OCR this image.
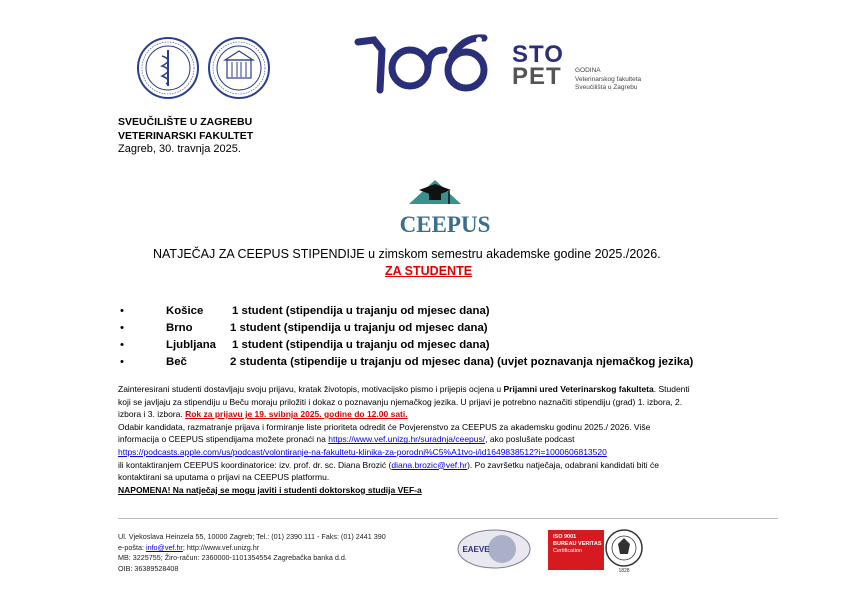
STO
PET	GODINA
Veterinarskog fakulteta
Sveučilišta u Zagrebu
SVEUČILIŠTE U ZAGREBU
VETERINARSKI FAKULTET
Zagreb, 30. travnja 2025.
CEEPUS
NATJEČAJ ZA CEEPUS STIPENDIJE u zimskom semestru akademske godine 2025./2026.
ZA STUDENTE
•	Košice	1 student (stipendija u trajanju od mjesec dana)
•	Brno	1 student (stipendija u trajanju od mjesec dana)
•	Ljubljana 1 student (stipendija u trajanju od mjesec dana)
•	Beč	2 studenta (stipendije u trajanju od mjesec dana) (uvjet poznavanja njemačkog jezika)
Zainteresirani studenti dostavljaju svoju prijavu, kratak životopis, motivacijsko pismo i prijepis ocjena u Prijamni ured Veterinarskog fakulteta. Studenti
koji se javljaju za stipendiju u Beču moraju priložiti i dokaz o poznavanju njemačkog jezika. U prijavi je potrebno naznačiti stipendiju (grad) 1. izbora, 2.
izbora i 3. izbora. Rok za prijavu je 19. svibnja 2025. godine do 12.00 sati.
Odabir kandidata, razmatranje prijava i formiranje liste prioriteta odredit će Povjerenstvo za CEEPUS za akademsku godinu 2025./ 2026. Više
informacija o CEEPUS stipendijama možete pronaći na https://www.vef.unizg.hr/suradnja/ceepus/, ako poslušate podcast
https://podcasts.apple.com/us/podcast/volontiranje-na-fakultetu-klinika-za-porodni%C5%A1tvo-i/id1649838512?i=1000606813520
ili kontaktiranjem CEEPUS koordinatorice: izv. prof. dr. sc. Diana Brozić (diana.brozic@vef.hr). Po završetku natječaja, odabrani kandidati biti će
kontaktirani sa uputama o prijavi na CEEPUS platformu.
NAPOMENA! Na natječaj se mogu javiti i studenti doktorskog studija VEF-a
Ul. Vjekoslava Heinzela 55, 10000 Zagreb; Tel.: (01) 2390 111 - Faks: (01) 2441 390
e-pošta: info@vef.hr; http://www.vef.unizg.hr
MB: 3225755; Žiro-račun: 2360000-1101354554 Zagrebačka banka d.d.
OIB: 36389528408
EAEVE
ISO 9001
BUREAU VERITAS
Certification
1828
